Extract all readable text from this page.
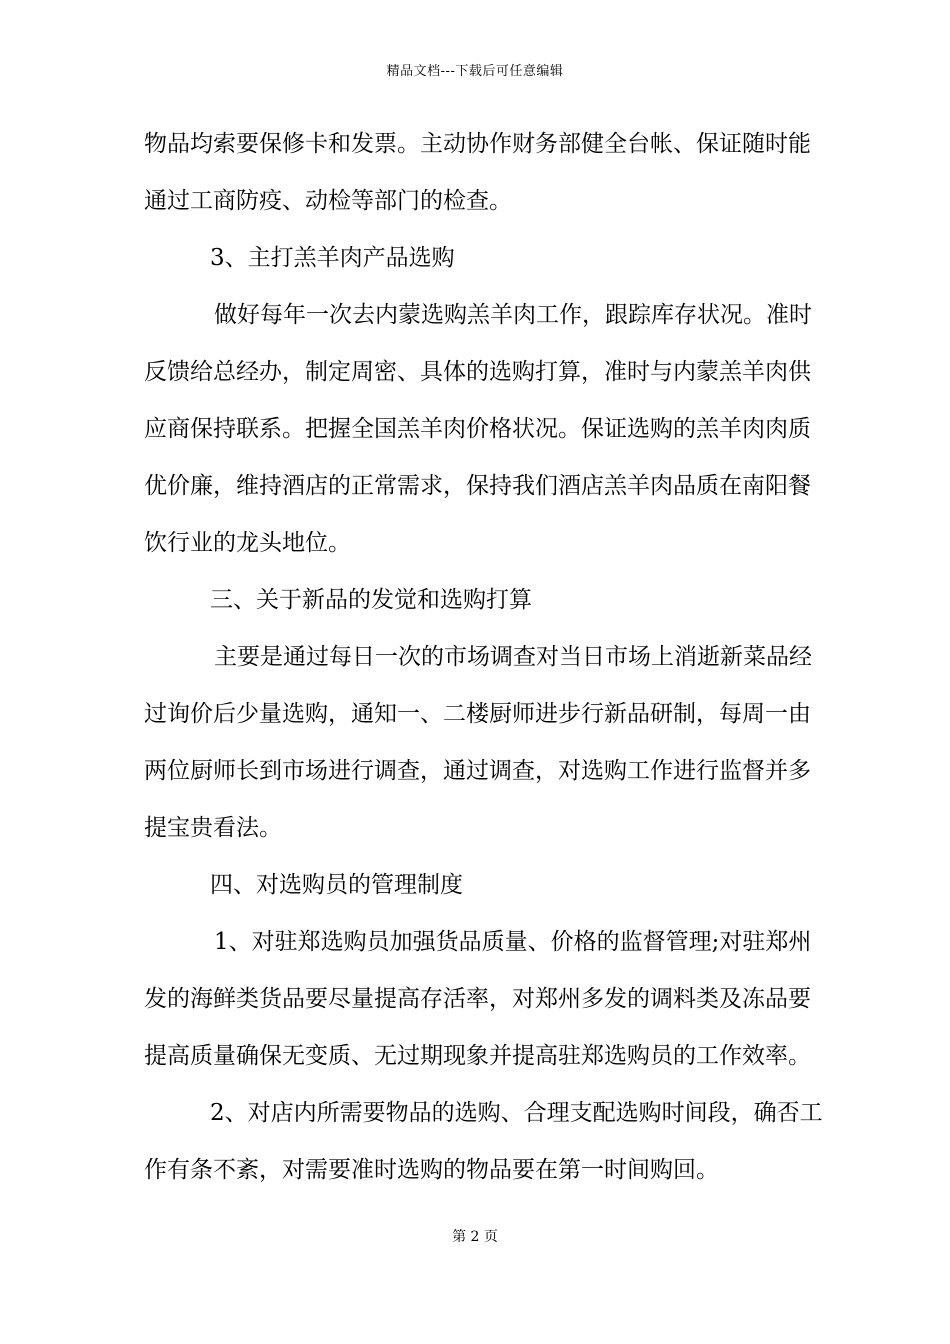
精品文档---下载后可任意编辑
物品均索要保修卡和发票。主动协作财务部健全台帐、保证随时能
通过工商防疫、动检等部门的检查。
3、主打羔羊肉产品选购
做好每年一次去内蒙选购羔羊肉工作，跟踪库存状况。准时
反馈给总经办，制定周密、具体的选购打算，准时与内蒙羔羊肉供
应商保持联系。把握全国羔羊肉价格状况。保证选购的羔羊肉肉质
优价廉，维持酒店的正常需求，保持我们酒店羔羊肉品质在南阳餐
饮行业的龙头地位。
三、关于新品的发觉和选购打算
主要是通过每日一次的市场调查对当日市场上消逝新菜品经
过询价后少量选购，通知一、二楼厨师进步行新品研制，每周一由
两位厨师长到市场进行调查，通过调查，对选购工作进行监督并多
提宝贵看法。
四、对选购员的管理制度
1、对驻郑选购员加强货品质量、价格的监督管理;对驻郑州
发的海鲜类货品要尽量提高存活率，对郑州多发的调料类及冻品要
提高质量确保无变质、无过期现象并提高驻郑选购员的工作效率。
2、对店内所需要物品的选购、合理支配选购时间段，确否工
作有条不紊，对需要准时选购的物品要在第一时间购回。
第 2 页
